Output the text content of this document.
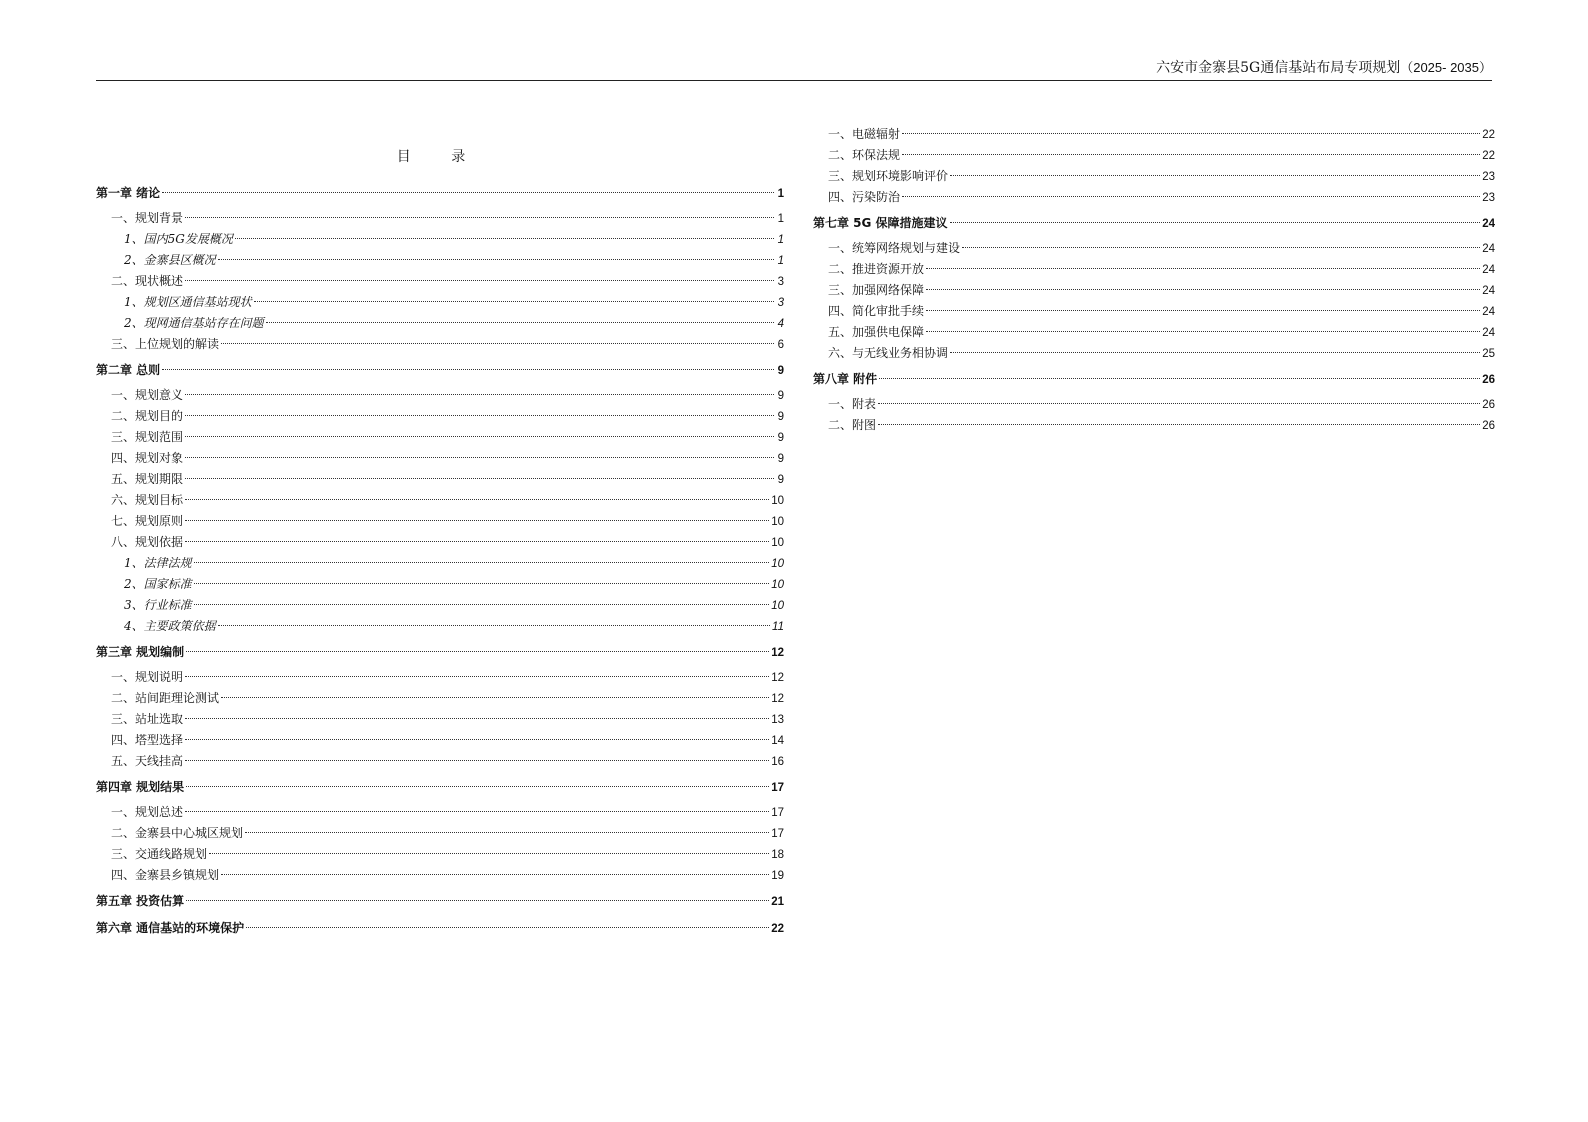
六安市金寨县5G通信基站布局专项规划（2025- 2035）
目 录
第一章 绪论	1
一、规划背景	1
1、国内5G发展概况	1
2、金寨县区概况	1
二、现状概述	3
1、规划区通信基站现状	3
2、现网通信基站存在问题	4
三、上位规划的解读	6
第二章 总则	9
一、规划意义	9
二、规划目的	9
三、规划范围	9
四、规划对象	9
五、规划期限	9
六、规划目标	10
七、规划原则	10
八、规划依据	10
1、法律法规	10
2、国家标准	10
3、行业标准	10
4、主要政策依据	11
第三章 规划编制	12
一、规划说明	12
二、站间距理论测试	12
三、站址选取	13
四、塔型选择	14
五、天线挂高	16
第四章 规划结果	17
一、规划总述	17
二、金寨县中心城区规划	17
三、交通线路规划	18
四、金寨县乡镇规划	19
第五章 投资估算	21
第六章 通信基站的环境保护	22
一、电磁辐射	22
二、环保法规	22
三、规划环境影响评价	23
四、污染防治	23
第七章 5G 保障措施建议	24
一、统筹网络规划与建设	24
二、推进资源开放	24
三、加强网络保障	24
四、简化审批手续	24
五、加强供电保障	24
六、与无线业务相协调	25
第八章 附件	26
一、附表	26
二、附图	26
